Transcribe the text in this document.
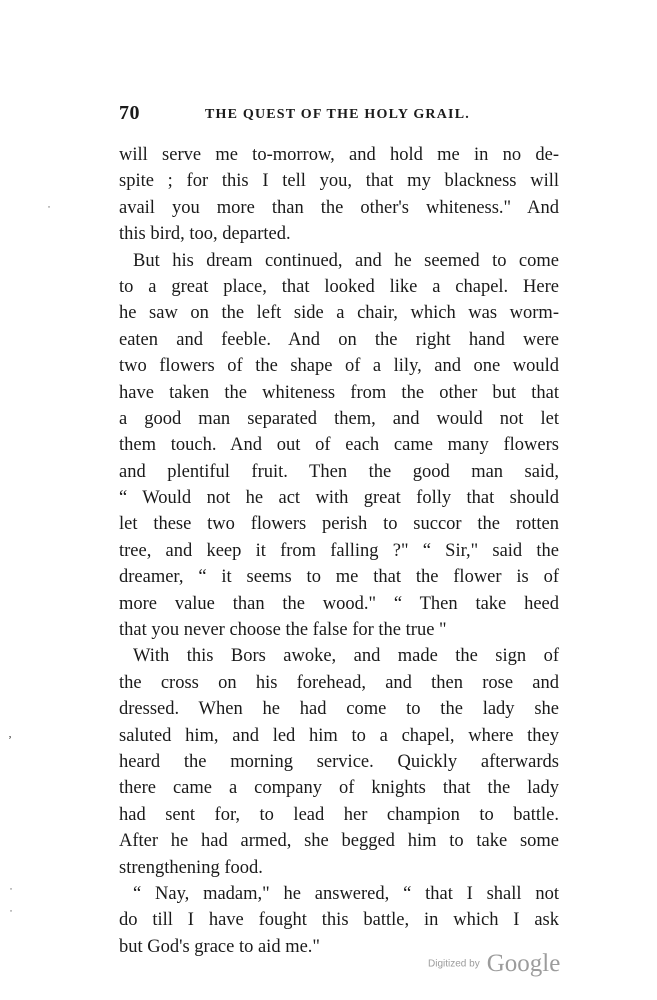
70	THE QUEST OF THE HOLY GRAIL.
will serve me to-morrow, and hold me in no de-
spite ; for this I tell you, that my blackness will
avail you more than the other's whiteness." And
this bird, too, departed.
But his dream continued, and he seemed to come
to a great place, that looked like a chapel. Here
he saw on the left side a chair, which was worm-
eaten and feeble. And on the right hand were
two flowers of the shape of a lily, and one would
have taken the whiteness from the other but that
a good man separated them, and would not let
them touch. And out of each came many flowers
and plentiful fruit. Then the good man said,
“ Would not he act with great folly that should
let these two flowers perish to succor the rotten
tree, and keep it from falling ?" “ Sir," said the
dreamer, “ it seems to me that the flower is of
more value than the wood." “ Then take heed
that you never choose the false for the true "
With this Bors awoke, and made the sign of
the cross on his forehead, and then rose and
dressed. When he had come to the lady she
saluted him, and led him to a chapel, where they
heard the morning service. Quickly afterwards
there came a company of knights that the lady
had sent for, to lead her champion to battle.
After he had armed, she begged him to take some
strengthening food.
“ Nay, madam," he answered, “ that I shall not
do till I have fought this battle, in which I ask
but God's grace to aid me."
˙
ʼ
˙
˙
Digitized by Google
